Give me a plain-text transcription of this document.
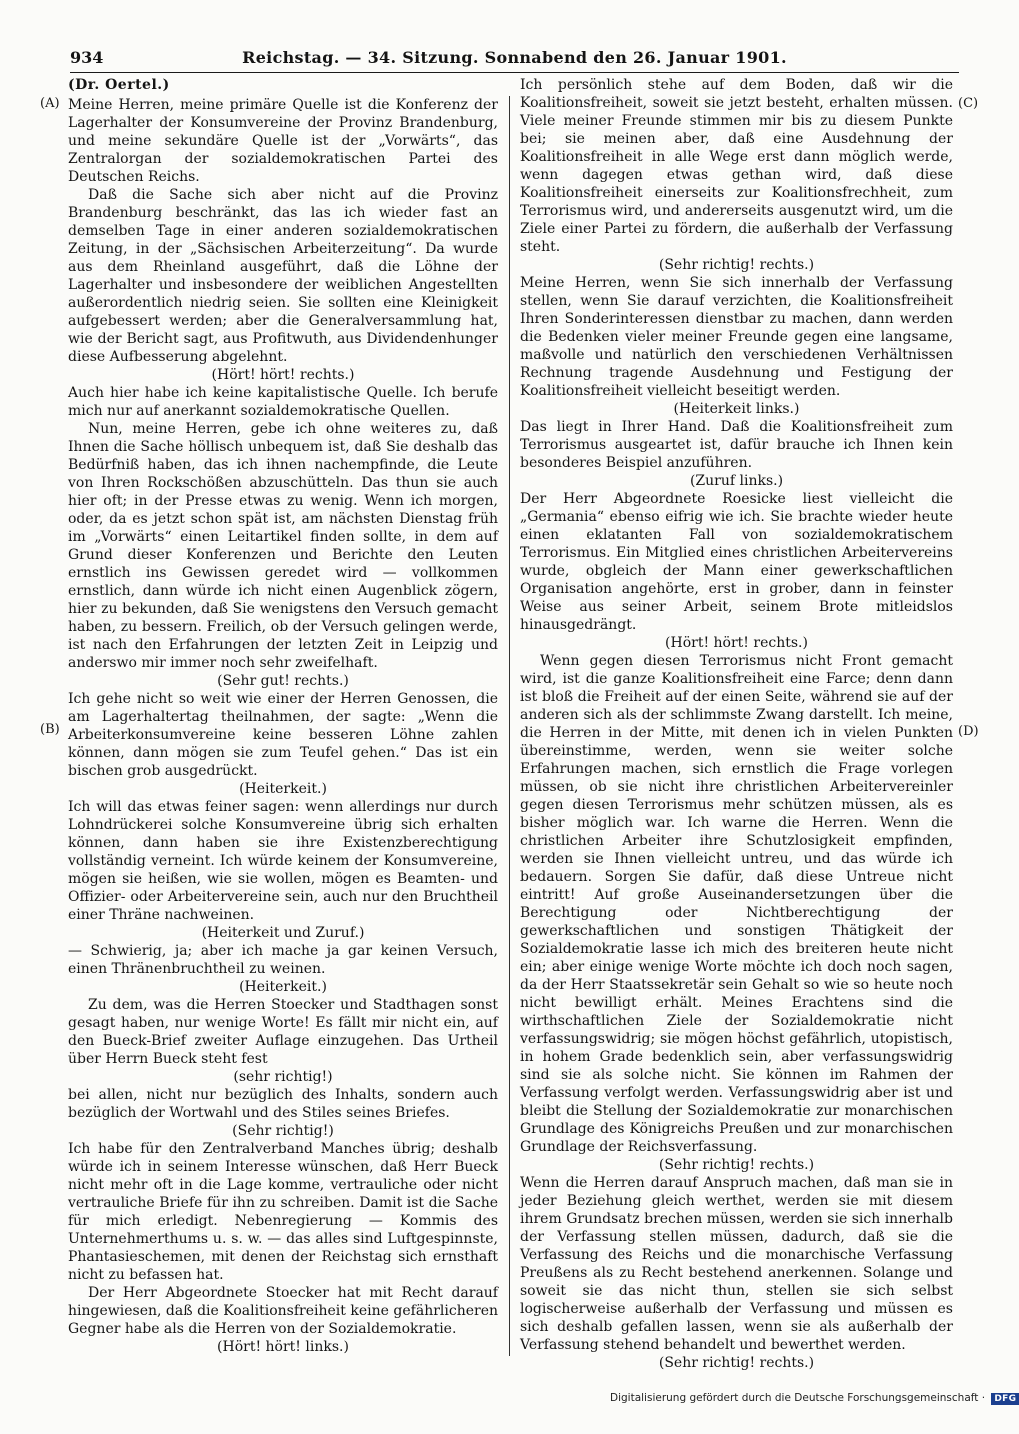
934	Reichstag. — 34. Sitzung. Sonnabend den 26. Januar 1901.
(A)
(B)
(C)
(D)

(Dr. Oertel.)

Meine Herren, meine primäre Quelle ist die Konferenz der Lagerhalter der Konsumvereine der Provinz Brandenburg, und meine sekundäre Quelle ist der „Vorwärts“, das Zentralorgan der sozialdemokratischen Partei des Deutschen Reichs.

Daß die Sache sich aber nicht auf die Provinz Brandenburg beschränkt, das las ich wieder fast an demselben Tage in einer anderen sozialdemokratischen Zeitung, in der „Sächsischen Arbeiterzeitung“. Da wurde aus dem Rheinland ausgeführt, daß die Löhne der Lagerhalter und insbesondere der weiblichen Angestellten außerordentlich niedrig seien. Sie sollten eine Kleinigkeit aufgebessert werden; aber die Generalversammlung hat, wie der Bericht sagt, aus Profitwuth, aus Dividendenhunger diese Aufbesserung abgelehnt.

(Hört! hört! rechts.)

Auch hier habe ich keine kapitalistische Quelle. Ich berufe mich nur auf anerkannt sozialdemokratische Quellen.

Nun, meine Herren, gebe ich ohne weiteres zu, daß Ihnen die Sache höllisch unbequem ist, daß Sie deshalb das Bedürfniß haben, das ich ihnen nachempfinde, die Leute von Ihren Rockschößen abzuschütteln. Das thun sie auch hier oft; in der Presse etwas zu wenig. Wenn ich morgen, oder, da es jetzt schon spät ist, am nächsten Dienstag früh im „Vorwärts“ einen Leitartikel finden sollte, in dem auf Grund dieser Konferenzen und Berichte den Leuten ernstlich ins Gewissen geredet wird — vollkommen ernstlich, dann würde ich nicht einen Augenblick zögern, hier zu bekunden, daß Sie wenigstens den Versuch gemacht haben, zu bessern. Freilich, ob der Versuch gelingen werde, ist nach den Erfahrungen der letzten Zeit in Leipzig und anderswo mir immer noch sehr zweifelhaft.

(Sehr gut! rechts.)

Ich gehe nicht so weit wie einer der Herren Genossen, die am Lagerhaltertag theilnahmen, der sagte: „Wenn die Arbeiterkonsumvereine keine besseren Löhne zahlen können, dann mögen sie zum Teufel gehen.“ Das ist ein bischen grob ausgedrückt.

(Heiterkeit.)

Ich will das etwas feiner sagen: wenn allerdings nur durch Lohndrückerei solche Konsumvereine übrig sich erhalten können, dann haben sie ihre Existenzberechtigung vollständig verneint. Ich würde keinem der Konsumvereine, mögen sie heißen, wie sie wollen, mögen es Beamten- und Offizier- oder Arbeitervereine sein, auch nur den Bruchtheil einer Thräne nachweinen.

(Heiterkeit und Zuruf.)

— Schwierig, ja; aber ich mache ja gar keinen Versuch, einen Thränenbruchtheil zu weinen.

(Heiterkeit.)

Zu dem, was die Herren Stoecker und Stadthagen sonst gesagt haben, nur wenige Worte! Es fällt mir nicht ein, auf den Bueck-Brief zweiter Auflage einzugehen. Das Urtheil über Herrn Bueck steht fest

(sehr richtig!)

bei allen, nicht nur bezüglich des Inhalts, sondern auch bezüglich der Wortwahl und des Stiles seines Briefes.

(Sehr richtig!)

Ich habe für den Zentralverband Manches übrig; deshalb würde ich in seinem Interesse wünschen, daß Herr Bueck nicht mehr oft in die Lage komme, vertrauliche oder nicht vertrauliche Briefe für ihn zu schreiben. Damit ist die Sache für mich erledigt. Nebenregierung — Kommis des Unternehmerthums u. s. w. — das alles sind Luftgespinnste, Phantasieschemen, mit denen der Reichstag sich ernsthaft nicht zu befassen hat.

Der Herr Abgeordnete Stoecker hat mit Recht darauf hingewiesen, daß die Koalitionsfreiheit keine gefährlicheren Gegner habe als die Herren von der Sozialdemokratie.

(Hört! hört! links.)

Ich persönlich stehe auf dem Boden, daß wir die Koalitionsfreiheit, soweit sie jetzt besteht, erhalten müssen. Viele meiner Freunde stimmen mir bis zu diesem Punkte bei; sie meinen aber, daß eine Ausdehnung der Koalitionsfreiheit in alle Wege erst dann möglich werde, wenn dagegen etwas gethan wird, daß diese Koalitionsfreiheit einerseits zur Koalitionsfrechheit, zum Terrorismus wird, und andererseits ausgenutzt wird, um die Ziele einer Partei zu fördern, die außerhalb der Verfassung steht.

(Sehr richtig! rechts.)

Meine Herren, wenn Sie sich innerhalb der Verfassung stellen, wenn Sie darauf verzichten, die Koalitionsfreiheit Ihren Sonderinteressen dienstbar zu machen, dann werden die Bedenken vieler meiner Freunde gegen eine langsame, maßvolle und natürlich den verschiedenen Verhältnissen Rechnung tragende Ausdehnung und Festigung der Koalitionsfreiheit vielleicht beseitigt werden.

(Heiterkeit links.)

Das liegt in Ihrer Hand. Daß die Koalitionsfreiheit zum Terrorismus ausgeartet ist, dafür brauche ich Ihnen kein besonderes Beispiel anzuführen.

(Zuruf links.)

Der Herr Abgeordnete Roesicke liest vielleicht die „Germania“ ebenso eifrig wie ich. Sie brachte wieder heute einen eklatanten Fall von sozialdemokratischem Terrorismus. Ein Mitglied eines christlichen Arbeitervereins wurde, obgleich der Mann einer gewerkschaftlichen Organisation angehörte, erst in grober, dann in feinster Weise aus seiner Arbeit, seinem Brote mitleidslos hinausgedrängt.

(Hört! hört! rechts.)

Wenn gegen diesen Terrorismus nicht Front gemacht wird, ist die ganze Koalitionsfreiheit eine Farce; denn dann ist bloß die Freiheit auf der einen Seite, während sie auf der anderen sich als der schlimmste Zwang darstellt. Ich meine, die Herren in der Mitte, mit denen ich in vielen Punkten übereinstimme, werden, wenn sie weiter solche Erfahrungen machen, sich ernstlich die Frage vorlegen müssen, ob sie nicht ihre christlichen Arbeitervereinler gegen diesen Terrorismus mehr schützen müssen, als es bisher möglich war. Ich warne die Herren. Wenn die christlichen Arbeiter ihre Schutzlosigkeit empfinden, werden sie Ihnen vielleicht untreu, und das würde ich bedauern. Sorgen Sie dafür, daß diese Untreue nicht eintritt! Auf große Auseinandersetzungen über die Berechtigung oder Nichtberechtigung der gewerkschaftlichen und sonstigen Thätigkeit der Sozialdemokratie lasse ich mich des breiteren heute nicht ein; aber einige wenige Worte möchte ich doch noch sagen, da der Herr Staatssekretär sein Gehalt so wie so heute noch nicht bewilligt erhält. Meines Erachtens sind die wirthschaftlichen Ziele der Sozialdemokratie nicht verfassungswidrig; sie mögen höchst gefährlich, utopistisch, in hohem Grade bedenklich sein, aber verfassungswidrig sind sie als solche nicht. Sie können im Rahmen der Verfassung verfolgt werden. Verfassungswidrig aber ist und bleibt die Stellung der Sozialdemokratie zur monarchischen Grundlage des Königreichs Preußen und zur monarchischen Grundlage der Reichsverfassung.

(Sehr richtig! rechts.)

Wenn die Herren darauf Anspruch machen, daß man sie in jeder Beziehung gleich werthet, werden sie mit diesem ihrem Grundsatz brechen müssen, werden sie sich innerhalb der Verfassung stellen müssen, dadurch, daß sie die Verfassung des Reichs und die monarchische Verfassung Preußens als zu Recht bestehend anerkennen. Solange und soweit sie das nicht thun, stellen sie sich selbst logischerweise außerhalb der Verfassung und müssen es sich deshalb gefallen lassen, wenn sie als außerhalb der Verfassung stehend behandelt und bewerthet werden.

(Sehr richtig! rechts.)

Digitalisierung gefördert durch die Deutsche Forschungsgemeinschaft · DFG
